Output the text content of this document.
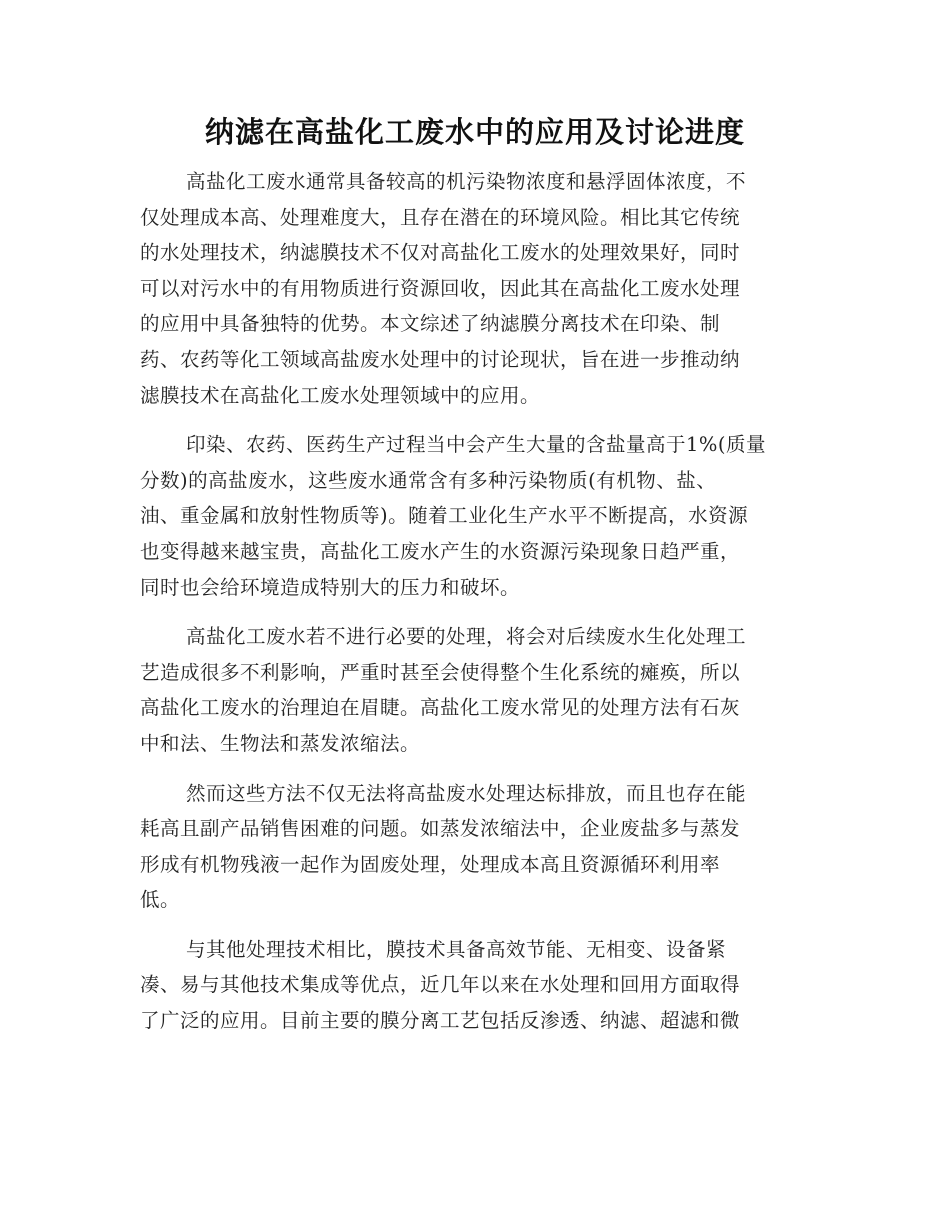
纳滤在高盐化工废水中的应用及讨论进度

高盐化工废水通常具备较高的机污染物浓度和悬浮固体浓度，不
仅处理成本高、处理难度大，且存在潜在的环境风险。相比其它传统
的水处理技术，纳滤膜技术不仅对高盐化工废水的处理效果好，同时
可以对污水中的有用物质进行资源回收，因此其在高盐化工废水处理
的应用中具备独特的优势。本文综述了纳滤膜分离技术在印染、制
药、农药等化工领域高盐废水处理中的讨论现状，旨在进一步推动纳
滤膜技术在高盐化工废水处理领域中的应用。

印染、农药、医药生产过程当中会产生大量的含盐量高于1%(质量
分数)的高盐废水，这些废水通常含有多种污染物质(有机物、盐、
油、重金属和放射性物质等)。随着工业化生产水平不断提高，水资源
也变得越来越宝贵，高盐化工废水产生的水资源污染现象日趋严重，
同时也会给环境造成特别大的压力和破坏。

高盐化工废水若不进行必要的处理，将会对后续废水生化处理工
艺造成很多不利影响，严重时甚至会使得整个生化系统的瘫痪，所以
高盐化工废水的治理迫在眉睫。高盐化工废水常见的处理方法有石灰
中和法、生物法和蒸发浓缩法。

然而这些方法不仅无法将高盐废水处理达标排放，而且也存在能
耗高且副产品销售困难的问题。如蒸发浓缩法中，企业废盐多与蒸发
形成有机物残液一起作为固废处理，处理成本高且资源循环利用率
低。

与其他处理技术相比，膜技术具备高效节能、无相变、设备紧
凑、易与其他技术集成等优点，近几年以来在水处理和回用方面取得
了广泛的应用。目前主要的膜分离工艺包括反渗透、纳滤、超滤和微
